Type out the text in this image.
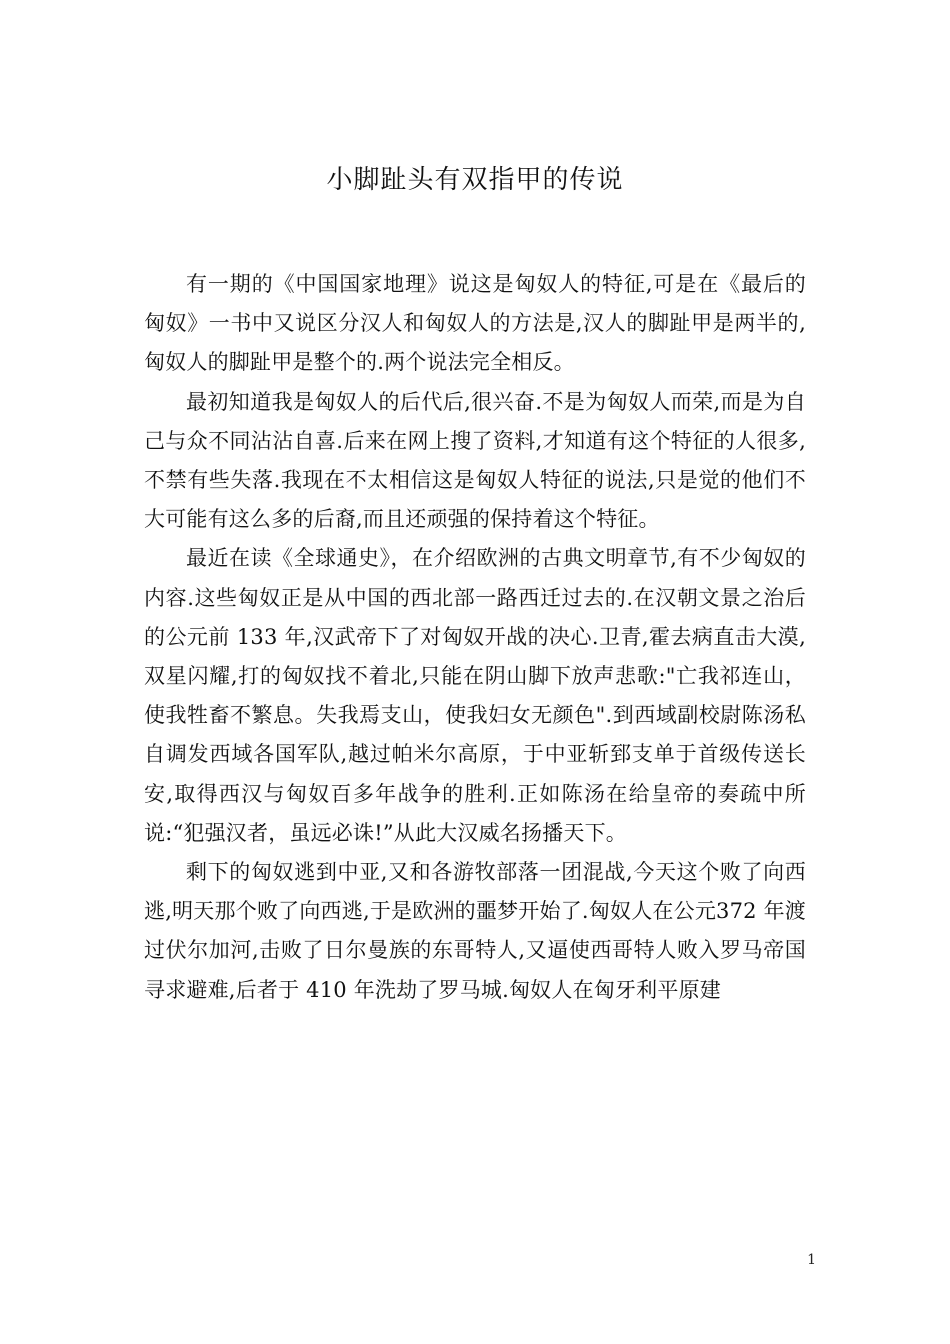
小脚趾头有双指甲的传说

有一期的《中国国家地理》说这是匈奴人的特征,可是在《最后的匈奴》一书中又说区分汉人和匈奴人的方法是,汉人的脚趾甲是两半的,匈奴人的脚趾甲是整个的.两个说法完全相反。

最初知道我是匈奴人的后代后,很兴奋.不是为匈奴人而荣,而是为自己与众不同沾沾自喜.后来在网上搜了资料,才知道有这个特征的人很多,不禁有些失落.我现在不太相信这是匈奴人特征的说法,只是觉的他们不大可能有这么多的后裔,而且还顽强的保持着这个特征。

最近在读《全球通史》，在介绍欧洲的古典文明章节,有不少匈奴的内容.这些匈奴正是从中国的西北部一路西迁过去的.在汉朝文景之治后的公元前 133 年,汉武帝下了对匈奴开战的决心.卫青,霍去病直击大漠,双星闪耀,打的匈奴找不着北,只能在阴山脚下放声悲歌:"亡我祁连山，使我牲畜不繁息。失我焉支山，使我妇女无颜色".到西域副校尉陈汤私自调发西域各国军队,越过帕米尔高原，于中亚斩郅支单于首级传送长安,取得西汉与匈奴百多年战争的胜利.正如陈汤在给皇帝的奏疏中所说:“犯强汉者，虽远必诛!”从此大汉威名扬播天下。

剩下的匈奴逃到中亚,又和各游牧部落一团混战,今天这个败了向西逃,明天那个败了向西逃,于是欧洲的噩梦开始了.匈奴人在公元372 年渡过伏尔加河,击败了日尔曼族的东哥特人,又逼使西哥特人败入罗马帝国寻求避难,后者于 410 年洗劫了罗马城.匈奴人在匈牙利平原建

1
